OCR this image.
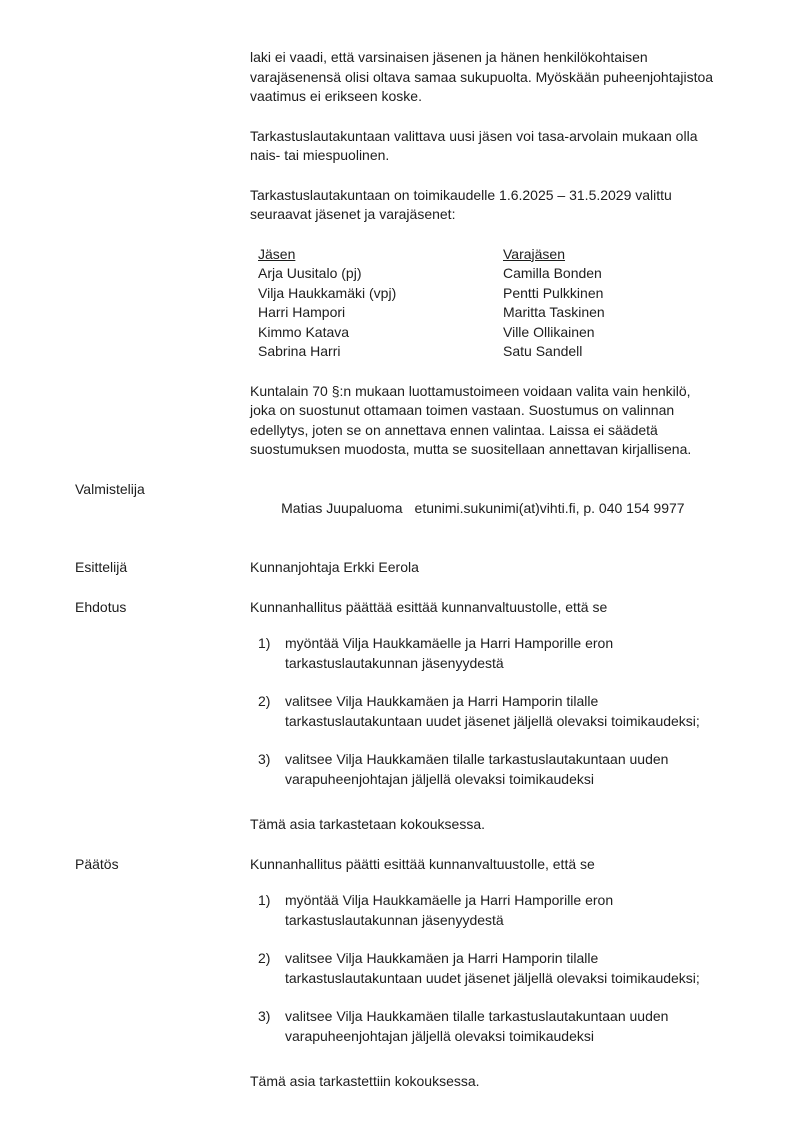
laki ei vaadi, että varsinaisen jäsenen ja hänen henkilökohtaisen
varajäsenensä olisi oltava samaa sukupuolta. Myöskään puheenjohtajistoa
vaatimus ei erikseen koske.
Tarkastuslautakuntaan valittava uusi jäsen voi tasa-arvolain mukaan olla
nais- tai miespuolinen.
Tarkastuslautakuntaan on toimikaudelle 1.6.2025 – 31.5.2029 valittu
seuraavat jäsenet ja varajäsenet:
Jäsen	Varajäsen
Arja Uusitalo (pj)	Camilla Bonden
Vilja Haukkamäki (vpj)	Pentti Pulkkinen
Harri Hampori	Maritta Taskinen
Kimmo Katava	Ville Ollikainen
Sabrina Harri	Satu Sandell
Kuntalain 70 §:n mukaan luottamustoimeen voidaan valita vain henkilö,
joka on suostunut ottamaan toimen vastaan. Suostumus on valinnan
edellytys, joten se on annettava ennen valintaa. Laissa ei säädetä
suostumuksen muodosta, mutta se suositellaan annettavan kirjallisena.
Valmistelija

Matias Juupaluoma etunimi.sukunimi(at)vihti.fi, p. 040 154 9977

Esittelijä	Kunnanjohtaja Erkki Eerola
Ehdotus	Kunnanhallitus päättää esittää kunnanvaltuustolle, että se
1)	myöntää Vilja Haukkamäelle ja Harri Hamporille eron
tarkastuslautakunnan jäsenyydestä
2)	valitsee Vilja Haukkamäen ja Harri Hamporin tilalle
tarkastuslautakuntaan uudet jäsenet jäljellä olevaksi toimikaudeksi;
3)	valitsee Vilja Haukkamäen tilalle tarkastuslautakuntaan uuden
varapuheenjohtajan jäljellä olevaksi toimikaudeksi
Tämä asia tarkastetaan kokouksessa.
Päätös	Kunnanhallitus päätti esittää kunnanvaltuustolle, että se
1)	myöntää Vilja Haukkamäelle ja Harri Hamporille eron
tarkastuslautakunnan jäsenyydestä
2)	valitsee Vilja Haukkamäen ja Harri Hamporin tilalle
tarkastuslautakuntaan uudet jäsenet jäljellä olevaksi toimikaudeksi;
3)	valitsee Vilja Haukkamäen tilalle tarkastuslautakuntaan uuden
varapuheenjohtajan jäljellä olevaksi toimikaudeksi
Tämä asia tarkastettiin kokouksessa.
